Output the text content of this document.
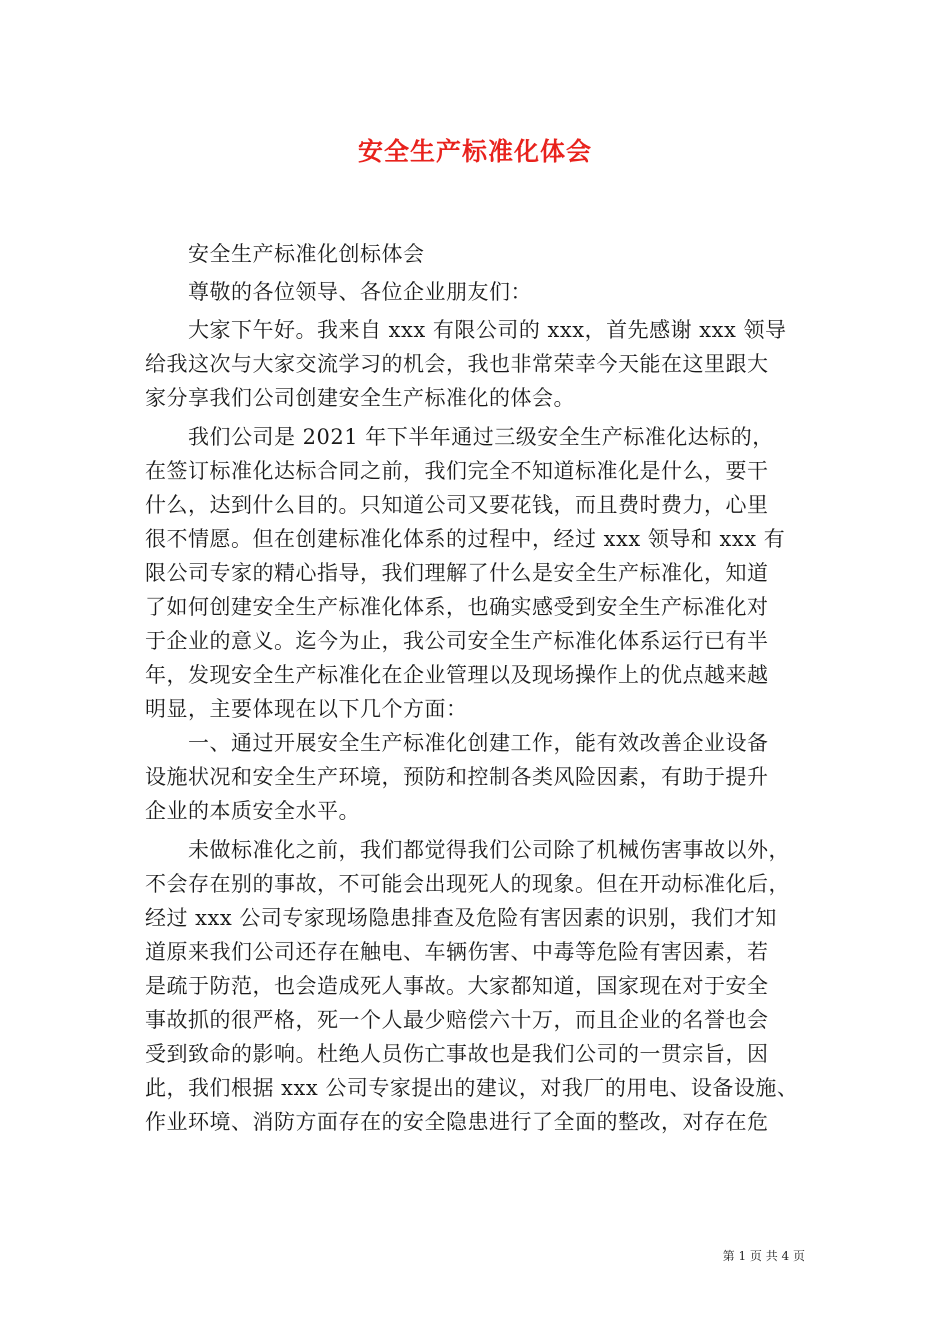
安全生产标准化体会
　　安全生产标准化创标体会
　　尊敬的各位领导、各位企业朋友们：
　　大家下午好。我来自 xxx 有限公司的 xxx，首先感谢 xxx 领导
给我这次与大家交流学习的机会，我也非常荣幸今天能在这里跟大
家分享我们公司创建安全生产标准化的体会。
　　我们公司是 2021 年下半年通过三级安全生产标准化达标的，
在签订标准化达标合同之前，我们完全不知道标准化是什么，要干
什么，达到什么目的。只知道公司又要花钱，而且费时费力，心里
很不情愿。但在创建标准化体系的过程中，经过 xxx 领导和 xxx 有
限公司专家的精心指导，我们理解了什么是安全生产标准化，知道
了如何创建安全生产标准化体系，也确实感受到安全生产标准化对
于企业的意义。迄今为止，我公司安全生产标准化体系运行已有半
年，发现安全生产标准化在企业管理以及现场操作上的优点越来越
明显，主要体现在以下几个方面：
　　一、通过开展安全生产标准化创建工作，能有效改善企业设备
设施状况和安全生产环境，预防和控制各类风险因素，有助于提升
企业的本质安全水平。
　　未做标准化之前，我们都觉得我们公司除了机械伤害事故以外，
不会存在别的事故，不可能会出现死人的现象。但在开动标准化后，
经过 xxx 公司专家现场隐患排查及危险有害因素的识别，我们才知
道原来我们公司还存在触电、车辆伤害、中毒等危险有害因素，若
是疏于防范，也会造成死人事故。大家都知道，国家现在对于安全
事故抓的很严格，死一个人最少赔偿六十万，而且企业的名誉也会
受到致命的影响。杜绝人员伤亡事故也是我们公司的一贯宗旨，因
此，我们根据 xxx 公司专家提出的建议，对我厂的用电、设备设施、
作业环境、消防方面存在的安全隐患进行了全面的整改，对存在危
第 1 页 共 4 页
